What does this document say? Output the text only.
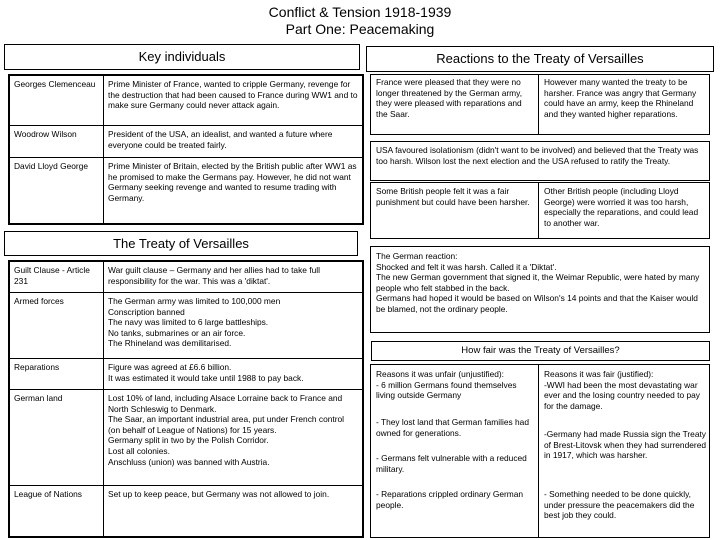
Conflict & Tension 1918-1939
Part One: Peacemaking
Georges Clemenceau	Prime Minister of France, wanted to cripple Germany, revenge for the destruction that had been caused to France during WW1 and to make sure Germany could never attack again.
Woodrow Wilson	President of the USA, an idealist, and wanted a future where everyone could be treated fairly.
David Lloyd George	Prime Minister of Britain, elected by the British public after WW1 as he promised to make the Germans pay. However, he did not want Germany seeking revenge and wanted to resume trading with Germany.
Key individuals
The Treaty of Versailles
Guilt Clause - Article 231	War guilt clause – Germany and her allies had to take full responsibility for the war. This was a 'diktat'.
Armed forces	The German army was limited to 100,000 men
Conscription banned
The navy was limited to 6 large battleships.
No tanks, submarines or an air force.
The Rhineland was demilitarised.
Reparations	Figure was agreed at £6.6 billion.
It was estimated it would take until 1988 to pay back.
German land	Lost 10% of land, including Alsace Lorraine back to France and North Schleswig to Denmark.
The Saar, an important industrial area, put under French control (on behalf of League of Nations) for 15 years.
Germany split in two by the Polish Corridor.
Lost all colonies.
Anschluss (union) was banned with Austria.
League of Nations	Set up to keep peace, but Germany was not allowed to join.
Reactions to the Treaty of Versailles
France were pleased that they were no longer threatened by the German army, they were pleased with reparations and the Saar.
However many wanted the treaty to be harsher. France was angry that Germany could have an army, keep the Rhineland and they wanted higher reparations.
USA favoured isolationism (didn't want to be involved) and believed that the Treaty was too harsh. Wilson lost the next election and the USA refused to ratify the Treaty.
Some British people felt it was a fair punishment but could have been harsher.
Other British people (including Lloyd George) were worried it was too harsh, especially the reparations, and could lead to another war.
The German reaction:
Shocked and felt it was harsh. Called it a 'Diktat'.
The new German government that signed it, the Weimar Republic, were hated by many people who felt stabbed in the back.
Germans had hoped it would be based on Wilson's 14 points and that the Kaiser would be blamed, not the ordinary people.
How fair was the Treaty of Versailles?
Reasons it was unfair (unjustified):
- 6 million Germans found themselves living outside Germany
- They lost land that German families had owned for generations.
- Germans felt vulnerable with a reduced military.
- Reparations crippled ordinary German people.
Reasons it was fair (justified):
-WWI had been the most devastating war ever and the losing country needed to pay for the damage.
-Germany had made Russia sign the Treaty of Brest-Litovsk when they had surrendered in 1917, which was harsher.
- Something needed to be done quickly, under pressure the peacemakers did the best job they could.
